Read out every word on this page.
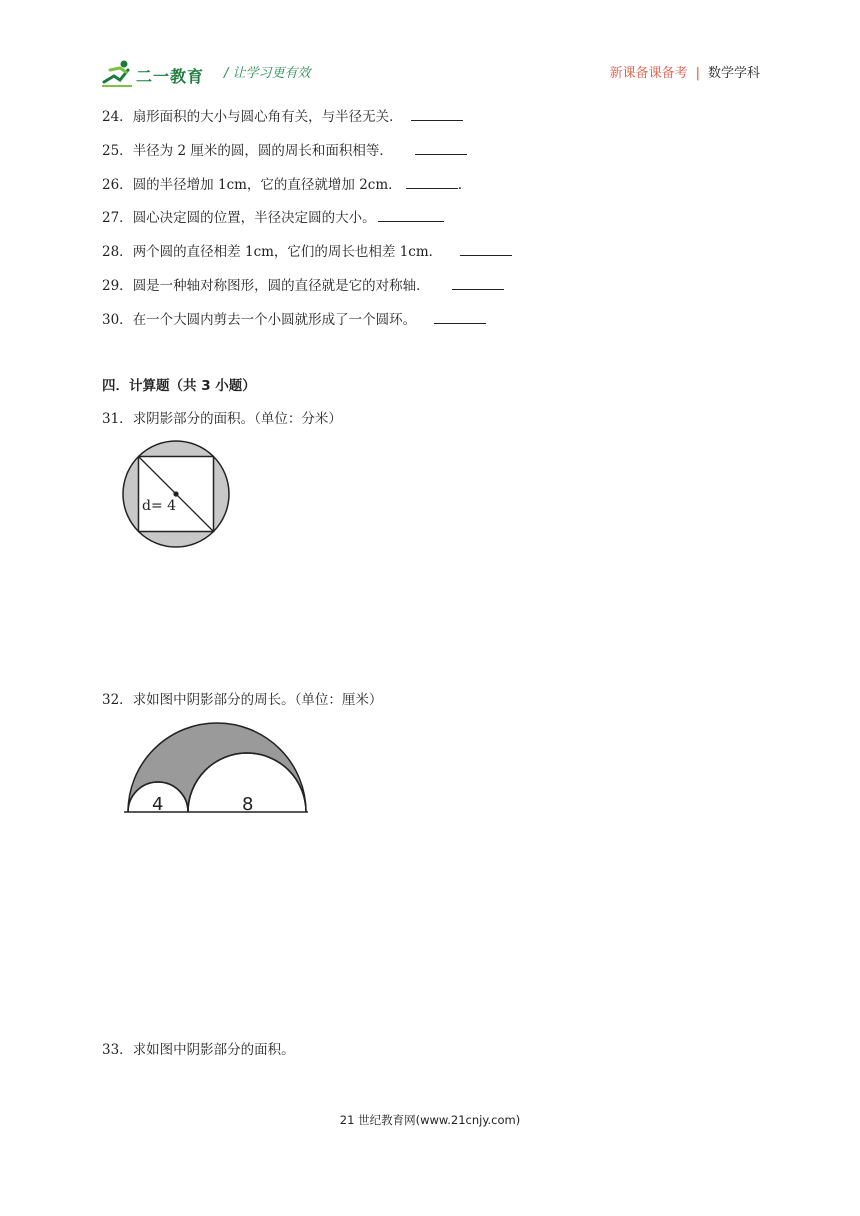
二一教育 / 让学习更有效	新课备课备考 | 数学学科
24．扇形面积的大小与圆心角有关，与半径无关．
25．半径为 2 厘米的圆，圆的周长和面积相等．
26．圆的半径增加 1cm，它的直径就增加 2cm．	.
27．圆心决定圆的位置，半径决定圆的大小。
28．两个圆的直径相差 1cm，它们的周长也相差 1cm．
29．圆是一种轴对称图形，圆的直径就是它的对称轴．
30．在一个大圆内剪去一个小圆就形成了一个圆环。
四．计算题（共 3 小题）
31．求阴影部分的面积。（单位：分米）
d= 4
32．求如图中阴影部分的周长。（单位：厘米）
4	8
33．求如图中阴影部分的面积。
21 世纪教育网(www.21cnjy.com)
